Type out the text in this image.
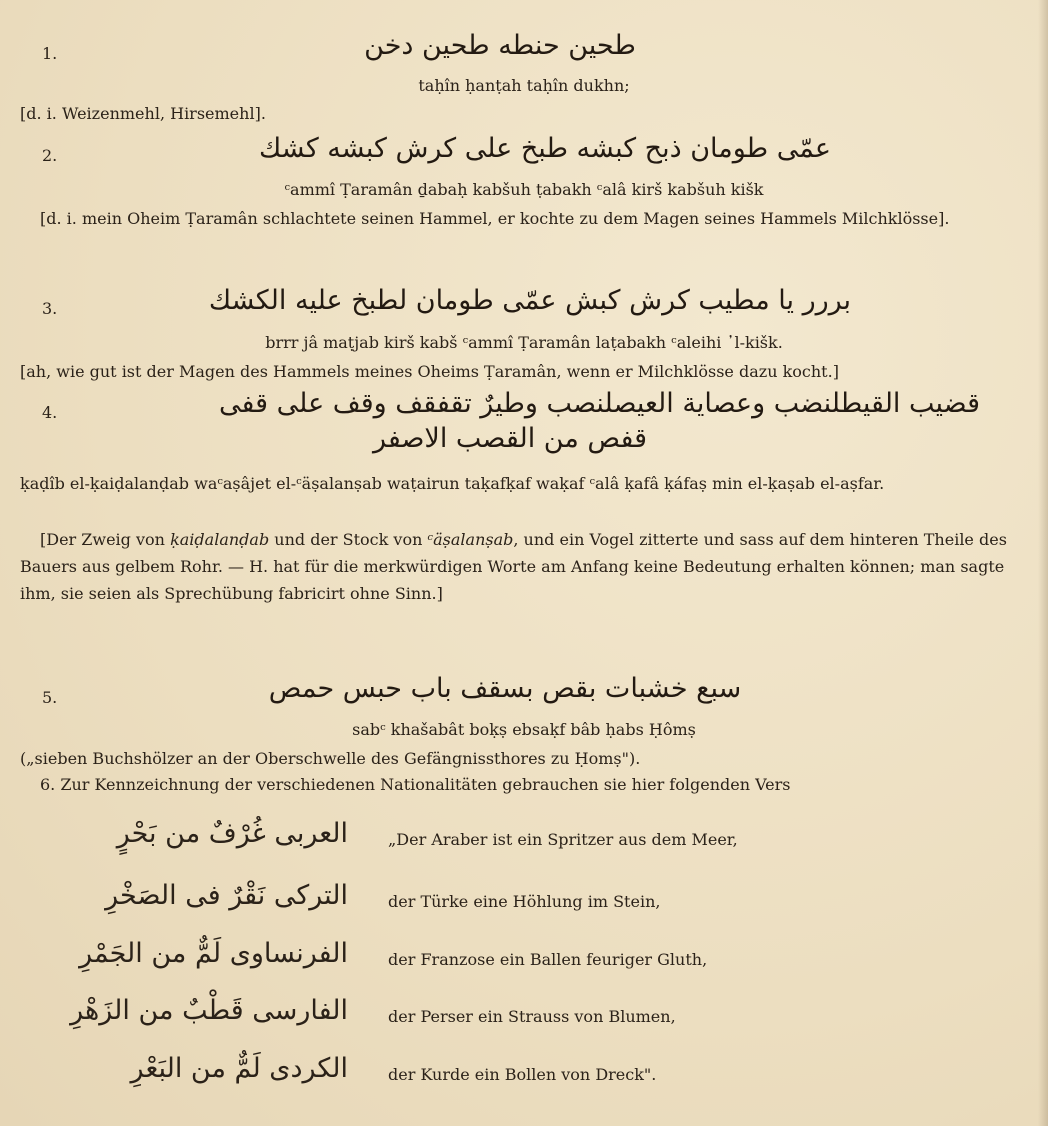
1.	طحين حنطه طحين دخن
taḥîn ḥanṭah taḥîn dukhn;
[d. i. Weizenmehl, Hirsemehl].
2.	عمّى طومان ذبح كبشه طبخ على كرش كبشه كشك
ᶜammî Ṭaramân ḏabaḥ kabšuh ṭabakh ᶜalâ kirš kabšuh kišk
[d. i. mein Oheim Ṭaramân schlachtete seinen Hammel, er kochte zu dem Magen seines Hammels Milchklösse].
3.	بررر يا مطيب كرش كبش عمّى طومان لطبخ عليه الكشك
brrr jâ maṭjab kirš kabš ᶜammî Ṭaramân laṭabakh ᶜaleihi ᾽l-kišk.
[ah, wie gut ist der Magen des Hammels meines Oheims Ṭaramân, wenn er Milchklösse dazu kocht.]
4.	قضيب القيطلنضب وعصاية العيصلنصب وطيرٌ تقفقف وقف على قفى
قفص من القصب الاصفر
ḳaḍîb el-ḳaiḍalanḍab waᶜaṣâjet el-ᶜäṣalanṣab waṭairun taḳafḳaf waḳaf ᶜalâ ḳafâ ḳáfaṣ min el-ḳaṣab el-aṣfar.
[Der Zweig von ḳaiḍalanḍab und der Stock von ᶜäṣalanṣab, und ein Vogel zitterte und sass auf dem hinteren Theile des Bauers aus gelbem Rohr. — H. hat für die merkwürdigen Worte am Anfang keine Bedeutung erhalten können; man sagte ihm, sie seien als Sprechübung fabricirt ohne Sinn.]
5.	سبع خشبات بقص بسقف باب حبس حمص
sabᶜ khašabât boḳṣ ebsaḳf bâb ḥabs Ḥômṣ
(„sieben Buchshölzer an der Oberschwelle des Gefängnissthores zu Ḥomṣ").
6. Zur Kennzeichnung der verschiedenen Nationalitäten gebrauchen sie hier folgenden Vers
العربى غُرْفٌ من بَحْرٍ	„Der Araber ist ein Spritzer aus dem Meer,
التركى نَقْرٌ فى الصَخْرِ	der Türke eine Höhlung im Stein,
الفرنساوى لَمٌّ من الجَمْرِ	der Franzose ein Ballen feuriger Gluth,
الفارسى قَطْبٌ من الزَهْرِ	der Perser ein Strauss von Blumen,
الكردى لَمٌّ من البَعْرِ	der Kurde ein Bollen von Dreck".
